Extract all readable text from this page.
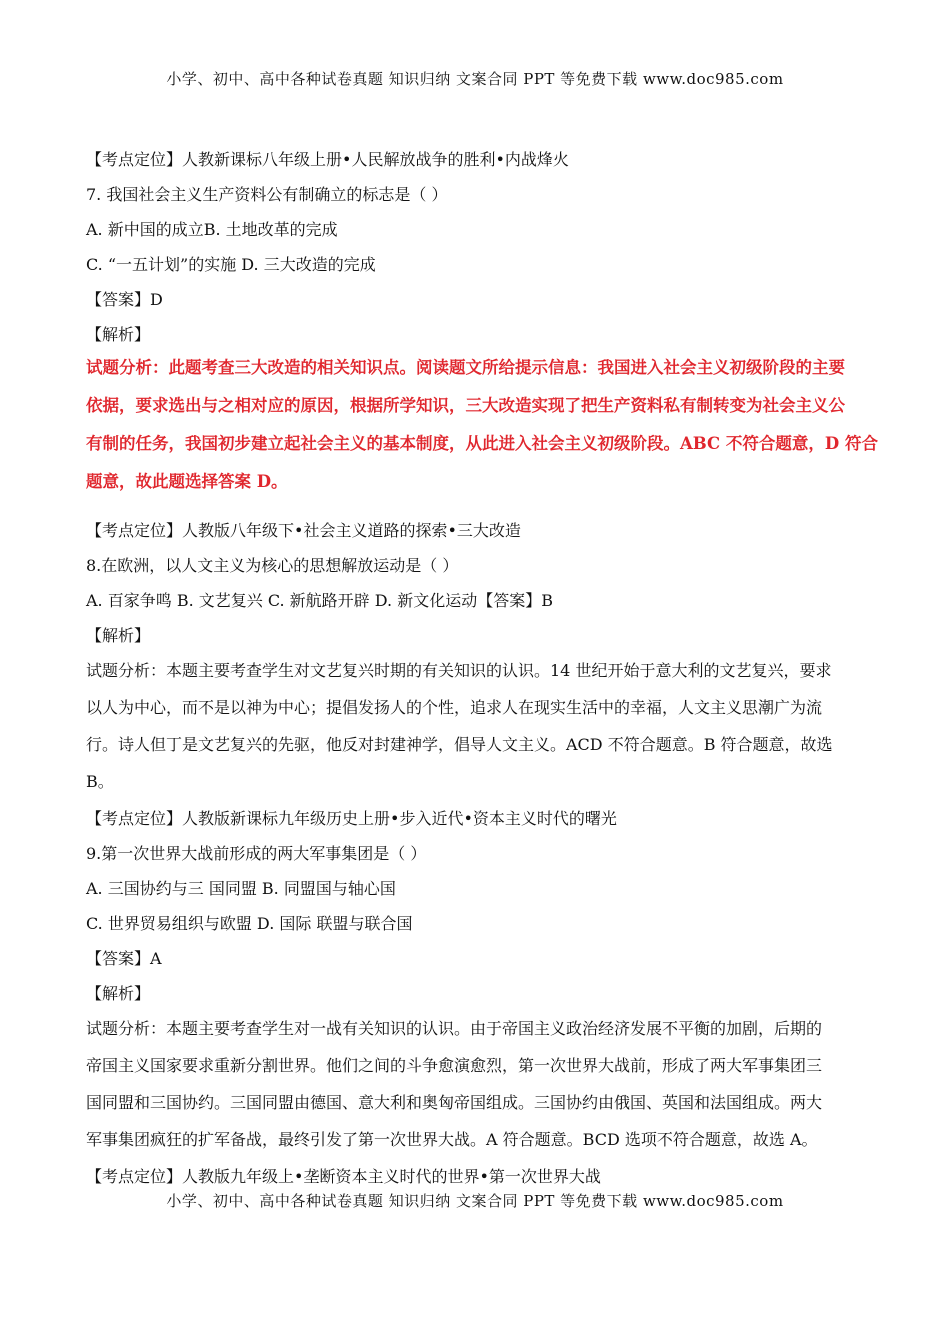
小学、初中、高中各种试卷真题 知识归纳 文案合同 PPT 等免费下载 www.doc985.com
【考点定位】人教新课标八年级上册•人民解放战争的胜利•内战烽火
7. 我国社会主义生产资料公有制确立的标志是（ ）
A. 新中国的成立B. 土地改革的完成
C. “一五计划”的实施 D. 三大改造的完成
【答案】D
【解析】
试题分析：此题考查三大改造的相关知识点。阅读题文所给提示信息：我国进入社会主义初级阶段的主要
依据，要求选出与之相对应的原因，根据所学知识，三大改造实现了把生产资料私有制转变为社会主义公
有制的任务，我国初步建立起社会主义的基本制度，从此进入社会主义初级阶段。ABC 不符合题意，D 符合
题意，故此题选择答案 D。
【考点定位】人教版八年级下•社会主义道路的探索•三大改造
8.在欧洲，以人文主义为核心的思想解放运动是（ ）
A. 百家争鸣 B. 文艺复兴 C. 新航路开辟 D. 新文化运动【答案】B
【解析】
试题分析：本题主要考查学生对文艺复兴时期的有关知识的认识。14 世纪开始于意大利的文艺复兴，要求
以人为中心，而不是以神为中心；提倡发扬人的个性，追求人在现实生活中的幸福，人文主义思潮广为流
行。诗人但丁是文艺复兴的先驱，他反对封建神学，倡导人文主义。ACD 不符合题意。B 符合题意，故选
B。
【考点定位】人教版新课标九年级历史上册•步入近代•资本主义时代的曙光
9.第一次世界大战前形成的两大军事集团是（ ）
A. 三国协约与三 国同盟 B. 同盟国与轴心国
C. 世界贸易组织与欧盟 D. 国际 联盟与联合国
【答案】A
【解析】
试题分析：本题主要考查学生对一战有关知识的认识。由于帝国主义政治经济发展不平衡的加剧，后期的
帝国主义国家要求重新分割世界。他们之间的斗争愈演愈烈，第一次世界大战前，形成了两大军事集团三
国同盟和三国协约。三国同盟由德国、意大利和奥匈帝国组成。三国协约由俄国、英国和法国组成。两大
军事集团疯狂的扩军备战，最终引发了第一次世界大战。A 符合题意。BCD 选项不符合题意，故选 A。
【考点定位】人教版九年级上•垄断资本主义时代的世界•第一次世界大战
小学、初中、高中各种试卷真题 知识归纳 文案合同 PPT 等免费下载 www.doc985.com
